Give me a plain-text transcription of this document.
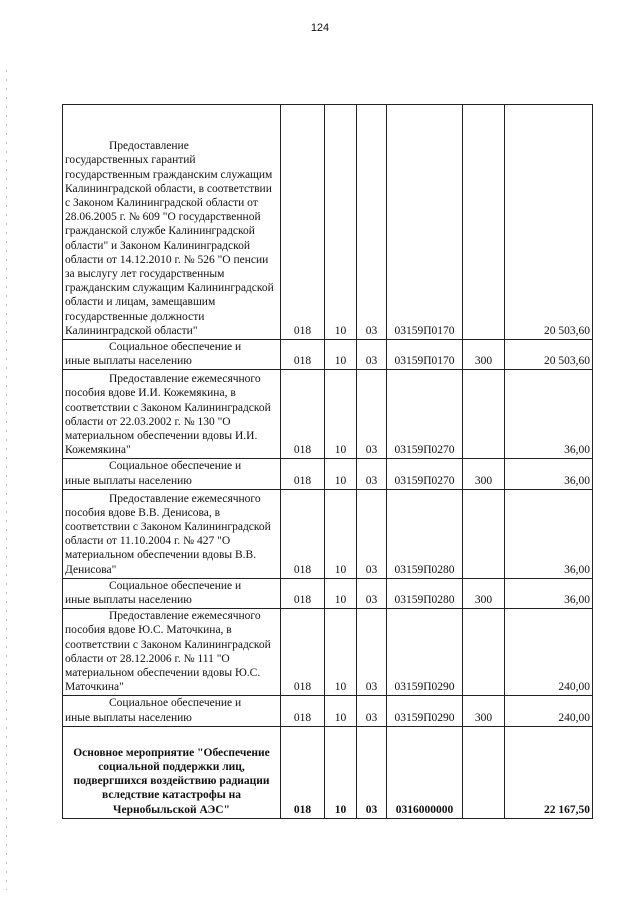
124
Предоставление
государственных гарантий государственным гражданским служащим Калининградской области, в соответствии с Законом Калининградской области от 28.06.2005 г. № 609 "О государственной гражданской службе Калининградской области" и Законом Калининградской области от 14.12.2010 г. № 526 "О пенсии за выслугу лет государственным гражданским служащим Калининградской области и лицам, замещавшим государственные должности Калининградской области"	018	10	03	03159П0170		20 503,60

Социальное обеспечение и
иные выплаты населению	018	10	03	03159П0170	300	20 503,60

Предоставление ежемесячного
пособия вдове И.И. Кожемякина, в соответствии с Законом Калининградской области от 22.03.2002 г. № 130 "О материальном обеспечении вдовы И.И. Кожемякина"	018	10	03	03159П0270		36,00

Социальное обеспечение и
иные выплаты населению	018	10	03	03159П0270	300	36,00

Предоставление ежемесячного
пособия вдове В.В. Денисова, в соответствии с Законом Калининградской области от 11.10.2004 г. № 427 "О материальном обеспечении вдовы В.В. Денисова"	018	10	03	03159П0280		36,00

Социальное обеспечение и
иные выплаты населению	018	10	03	03159П0280	300	36,00

Предоставление ежемесячного
пособия вдове Ю.С. Маточкина, в соответствии с Законом Калининградской области от 28.12.2006 г. № 111 "О материальном обеспечении вдовы Ю.С. Маточкина"	018	10	03	03159П0290		240,00

Социальное обеспечение и
иные выплаты населению	018	10	03	03159П0290	300	240,00
Основное мероприятие "Обеспечение социальной поддержки лиц, подвергшихся воздействию радиации вследствие катастрофы на Чернобыльской АЭС"	018	10	03	0316000000		22 167,50
